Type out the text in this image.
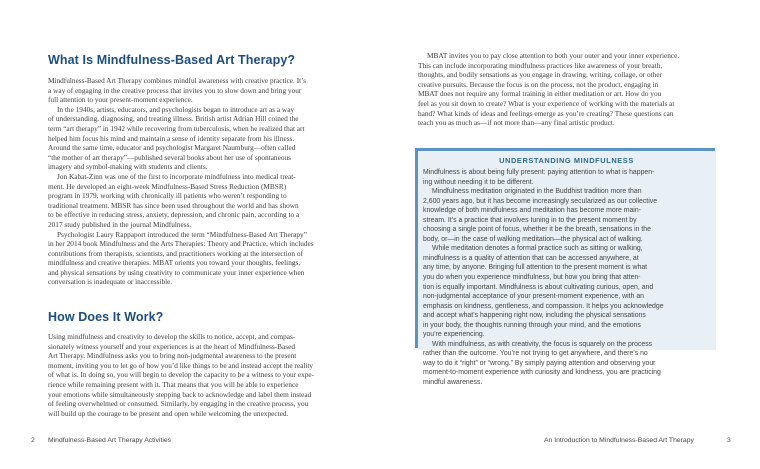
What Is Mindfulness-Based Art Therapy?

Mindfulness-Based Art Therapy combines mindful awareness with creative practice. It’s
a way of engaging in the creative process that invites you to slow down and bring your
full attention to your present-moment experience.

In the 1940s, artists, educators, and psychologists began to introduce art as a way
of understanding, diagnosing, and treating illness. British artist Adrian Hill coined the
term “art therapy” in 1942 while recovering from tuberculosis, when he realized that art
helped him focus his mind and maintain a sense of identity separate from his illness.
Around the same time, educator and psychologist Margaret Naumburg—often called
“the mother of art therapy”—published several books about her use of spontaneous
imagery and symbol-making with students and clients.

Jon Kabat-Zinn was one of the first to incorporate mindfulness into medical treat-
ment. He developed an eight-week Mindfulness-Based Stress Reduction (MBSR)
program in 1979, working with chronically ill patients who weren’t responding to
traditional treatment. MBSR has since been used throughout the world and has shown
to be effective in reducing stress, anxiety, depression, and chronic pain, according to a
2017 study published in the journal Mindfulness.

Psychologist Laury Rappaport introduced the term “Mindfulness-Based Art Therapy”
in her 2014 book Mindfulness and the Arts Therapies: Theory and Practice, which includes
contributions from therapists, scientists, and practitioners working at the intersection of
mindfulness and creative therapies. MBAT orients you toward your thoughts, feelings,
and physical sensations by using creativity to communicate your inner experience when
conversation is inadequate or inaccessible.

How Does It Work?

Using mindfulness and creativity to develop the skills to notice, accept, and compas-
sionately witness yourself and your experiences is at the heart of Mindfulness-Based
Art Therapy. Mindfulness asks you to bring non-judgmental awareness to the present
moment, inviting you to let go of how you’d like things to be and instead accept the reality
of what is. In doing so, you will begin to develop the capacity to be a witness to your expe-
rience while remaining present with it. That means that you will be able to experience
your emotions while simultaneously stepping back to acknowledge and label them instead
of feeling overwhelmed or consumed. Similarly, by engaging in the creative process, you
will build up the courage to be present and open while welcoming the unexpected.

2 Mindfulness-Based Art Therapy Activities

MBAT invites you to pay close attention to both your outer and your inner experience.
This can include incorporating mindfulness practices like awareness of your breath,
thoughts, and bodily sensations as you engage in drawing, writing, collage, or other
creative pursuits. Because the focus is on the process, not the product, engaging in
MBAT does not require any formal training in either meditation or art. How do you
feel as you sit down to create? What is your experience of working with the materials at
hand? What kinds of ideas and feelings emerge as you’re creating? These questions can
teach you as much as—if not more than—any final artistic product.

UNDERSTANDING MINDFULNESS

Mindfulness is about being fully present: paying attention to what is happen-
ing without needing it to be different.

Mindfulness meditation originated in the Buddhist tradition more than
2,600 years ago, but it has become increasingly secularized as our collective
knowledge of both mindfulness and meditation has become more main-
stream. It’s a practice that involves tuning in to the present moment by
choosing a single point of focus, whether it be the breath, sensations in the
body, or—in the case of walking meditation—the physical act of walking.

While meditation denotes a formal practice such as sitting or walking,
mindfulness is a quality of attention that can be accessed anywhere, at
any time, by anyone. Bringing full attention to the present moment is what
you do when you experience mindfulness, but how you bring that atten-
tion is equally important. Mindfulness is about cultivating curious, open, and
non-judgmental acceptance of your present-moment experience, with an
emphasis on kindness, gentleness, and compassion. It helps you acknowledge
and accept what’s happening right now, including the physical sensations
in your body, the thoughts running through your mind, and the emotions
you’re experiencing.

With mindfulness, as with creativity, the focus is squarely on the process
rather than the outcome. You’re not trying to get anywhere, and there’s no
way to do it “right” or “wrong.” By simply paying attention and observing your
moment-to-moment experience with curiosity and kindness, you are practicing
mindful awareness.

An Introduction to Mindfulness-Based Art Therapy	3
